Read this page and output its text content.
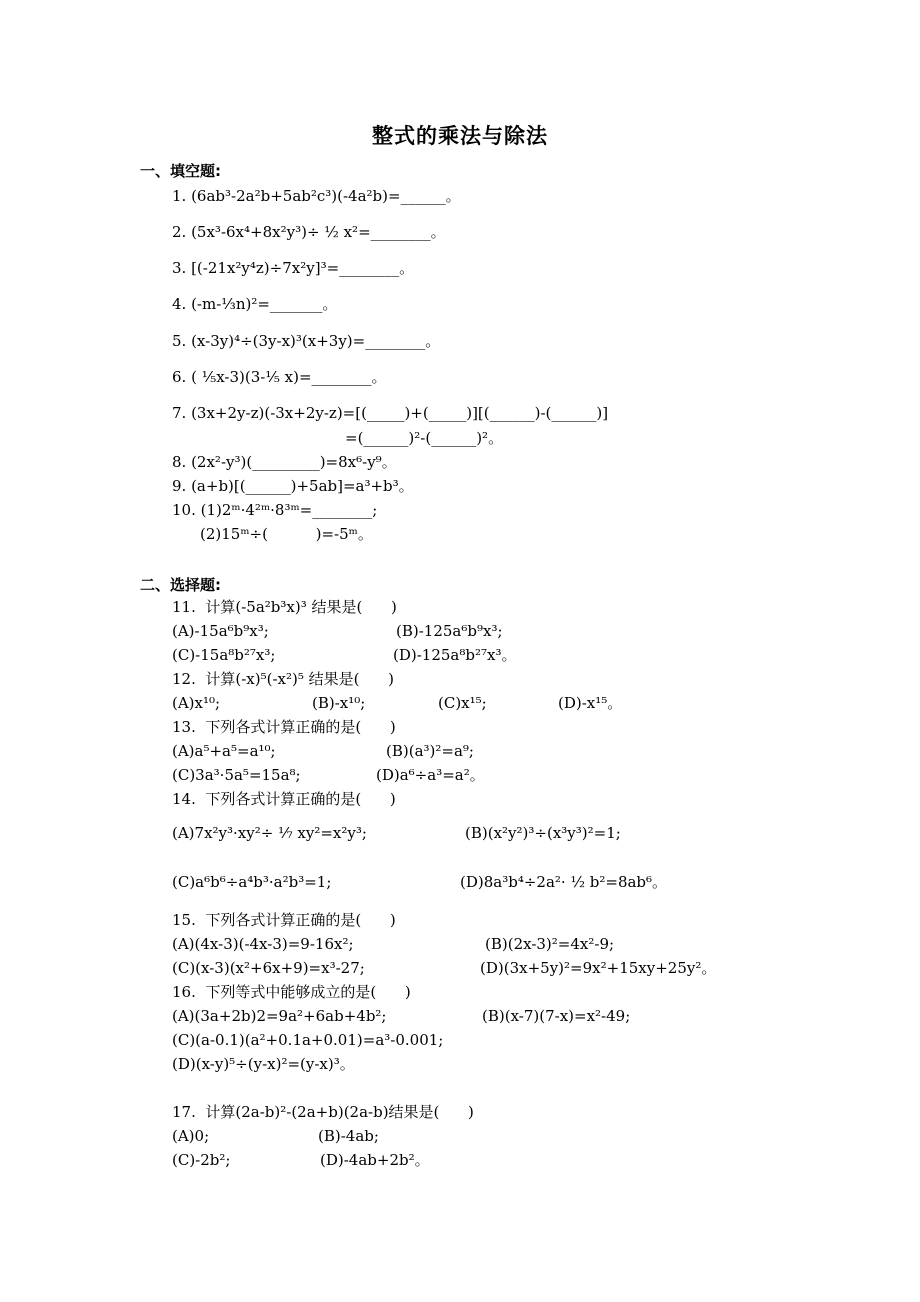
整式的乘法与除法
一、填空题:
1. (6ab³-2a²b+5ab²c³)(-4a²b)=______。
2. (5x³-6x⁴+8x²y³)÷ ½ x²=________。
3. [(-21x²y⁴z)÷7x²y]³=________。
4. (-m-⅓n)²=_______。
5. (x-3y)⁴÷(3y-x)³(x+3y)=________。
6. ( ⅕x-3)(3-⅕ x)=________。
7. (3x+2y-z)(-3x+2y-z)=[(_____)+(_____)][(______)-(______)]
=(______)²-(______)²。
8. (2x²-y³)(_________)=8x⁶-y⁹。
9. (a+b)[(______)+5ab]=a³+b³。
10. (1)2ᵐ·4²ᵐ·8³ᵐ=________;
(2)15ᵐ÷(          )=-5ᵐ。
二、选择题:
11.  计算(-5a²b³x)³ 结果是(      )
(A)-15a⁶b⁹x³;	(B)-125a⁶b⁹x³;
(C)-15a⁸b²⁷x³;	(D)-125a⁸b²⁷x³。
12.  计算(-x)⁵(-x²)⁵ 结果是(      )
(A)x¹⁰;	(B)-x¹⁰;	(C)x¹⁵;	(D)-x¹⁵。
13.  下列各式计算正确的是(      )
(A)a⁵+a⁵=a¹⁰;	(B)(a³)²=a⁹;
(C)3a³·5a⁵=15a⁸;	(D)a⁶÷a³=a²。
14.  下列各式计算正确的是(      )
(A)7x²y³·xy²÷ ⅐ xy²=x²y³;	(B)(x²y²)³÷(x³y³)²=1;
(C)a⁶b⁶÷a⁴b³·a²b³=1;	(D)8a³b⁴÷2a²· ½ b²=8ab⁶。
15.  下列各式计算正确的是(      )
(A)(4x-3)(-4x-3)=9-16x²;	(B)(2x-3)²=4x²-9;
(C)(x-3)(x²+6x+9)=x³-27;	(D)(3x+5y)²=9x²+15xy+25y²。
16.  下列等式中能够成立的是(      )
(A)(3a+2b)2=9a²+6ab+4b²;	(B)(x-7)(7-x)=x²-49;
(C)(a-0.1)(a²+0.1a+0.01)=a³-0.001;
(D)(x-y)⁵÷(y-x)²=(y-x)³。
17.  计算(2a-b)²-(2a+b)(2a-b)结果是(      )
(A)0;	(B)-4ab;
(C)-2b²;	(D)-4ab+2b²。
